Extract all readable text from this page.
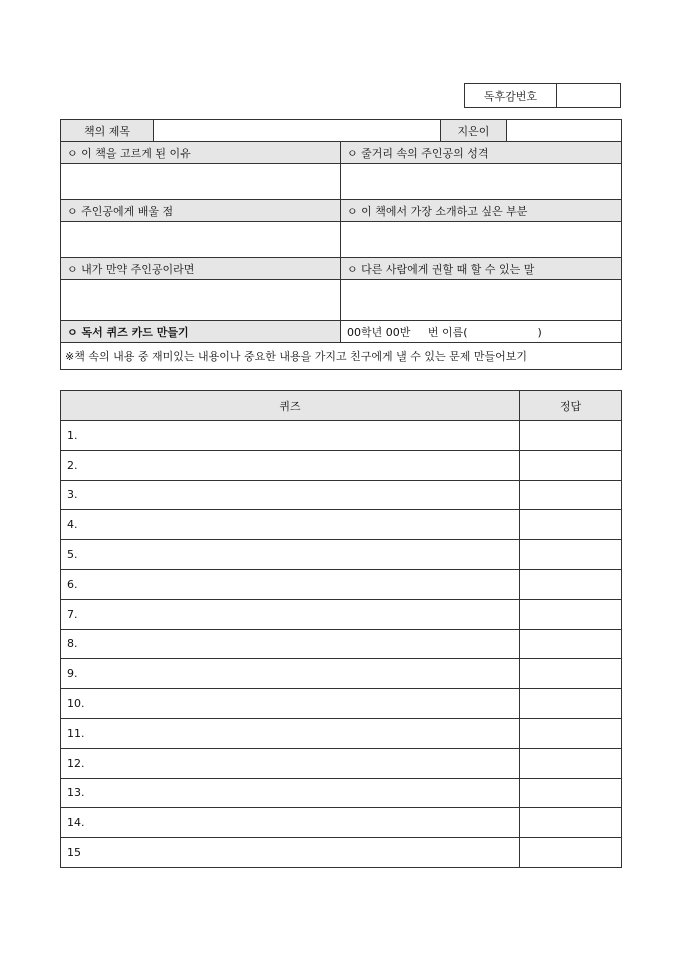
독후감번호
책의 제목			지은이	
ㅇ 이 책을 고르게 된 이유		ㅇ 줄거리 속의 주인공의 성격		

ㅇ 주인공에게 배울 점		ㅇ 이 책에서 가장 소개하고 싶은 부분		

ㅇ 내가 만약 주인공이라면		ㅇ 다른 사람에게 권할 때 할 수 있는 말		

ㅇ 독서 퀴즈 카드 만들기		00학년 00반     번 이름(                    )		
※책 속의 내용 중 재미있는 내용이나 중요한 내용을 가지고 친구에게 낼 수 있는 문제 만들어보기				
퀴즈	정답
1.	
2.	
3.	
4.	
5.	
6.	
7.	
8.	
9.	
10.	
11.	
12.	
13.	
14.	
15	
